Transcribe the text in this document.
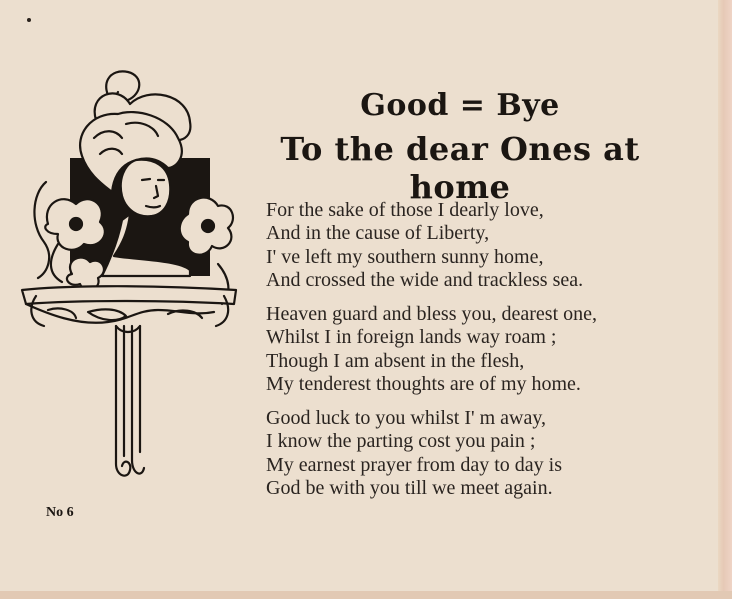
Good = Bye
To the dear Ones at home
For the sake of those I dearly love,
And in the cause of Liberty,
I' ve left my southern sunny home,
And crossed the wide and trackless sea.
Heaven guard and bless you, dearest one,
Whilst I in foreign lands way roam ;
Though I am absent in the flesh,
My tenderest thoughts are of my home.
Good luck to you whilst I' m away,
I know the parting cost you pain ;
My earnest prayer from day to day is
God be with you till we meet again.
No 6
